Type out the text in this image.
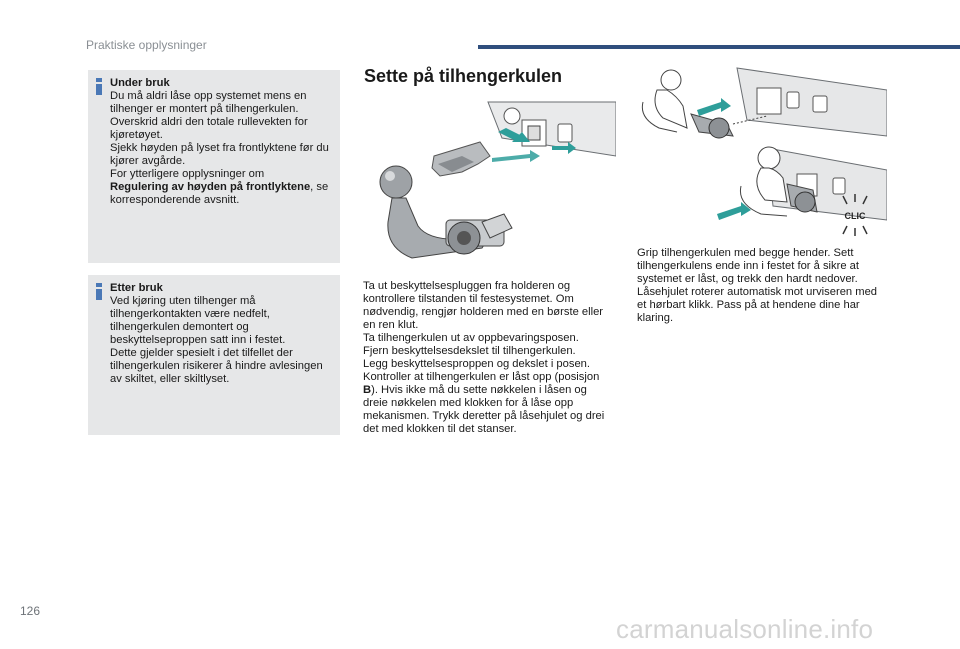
Praktiske opplysninger

Under bruk

Du må aldri låse opp systemet mens en tilhenger er montert på tilhengerkulen.

Overskrid aldri den totale rullevekten for kjøretøyet.

Sjekk høyden på lyset fra frontlyktene før du kjører avgårde.

For ytterligere opplysninger om
Regulering av høyden på frontlyktene, se korresponderende avsnitt.

Etter bruk

Ved kjøring uten tilhenger må tilhengerkontakten være nedfelt, tilhengerkulen demontert og beskyttelseproppen satt inn i festet.

Dette gjelder spesielt i det tilfellet der tilhengerkulen risikerer å hindre avlesingen av skiltet, eller skiltlyset.

Sette på tilhengerkulen

Ta ut beskyttelsespluggen fra holderen og kontrollere tilstanden til festesystemet. Om nødvendig, rengjør holderen med en børste eller en ren klut.

Ta tilhengerkulen ut av oppbevaringsposen.

Fjern beskyttelsesdekslet til tilhengerkulen.

Legg beskyttelsesproppen og dekslet i posen.

Kontroller at tilhengerkulen er låst opp (posisjon B). Hvis ikke må du sette nøkkelen i låsen og dreie nøkkelen med klokken for å låse opp mekanismen. Trykk deretter på låsehjulet og drei det med klokken til det stanser.

CLIC

Grip tilhengerkulen med begge hender. Sett tilhengerkulens ende inn i festet for å sikre at systemet er låst, og trekk den hardt nedover.

Låsehjulet roterer automatisk mot urviseren med et hørbart klikk. Pass på at hendene dine har klaring.

126
carmanualsonline.info
